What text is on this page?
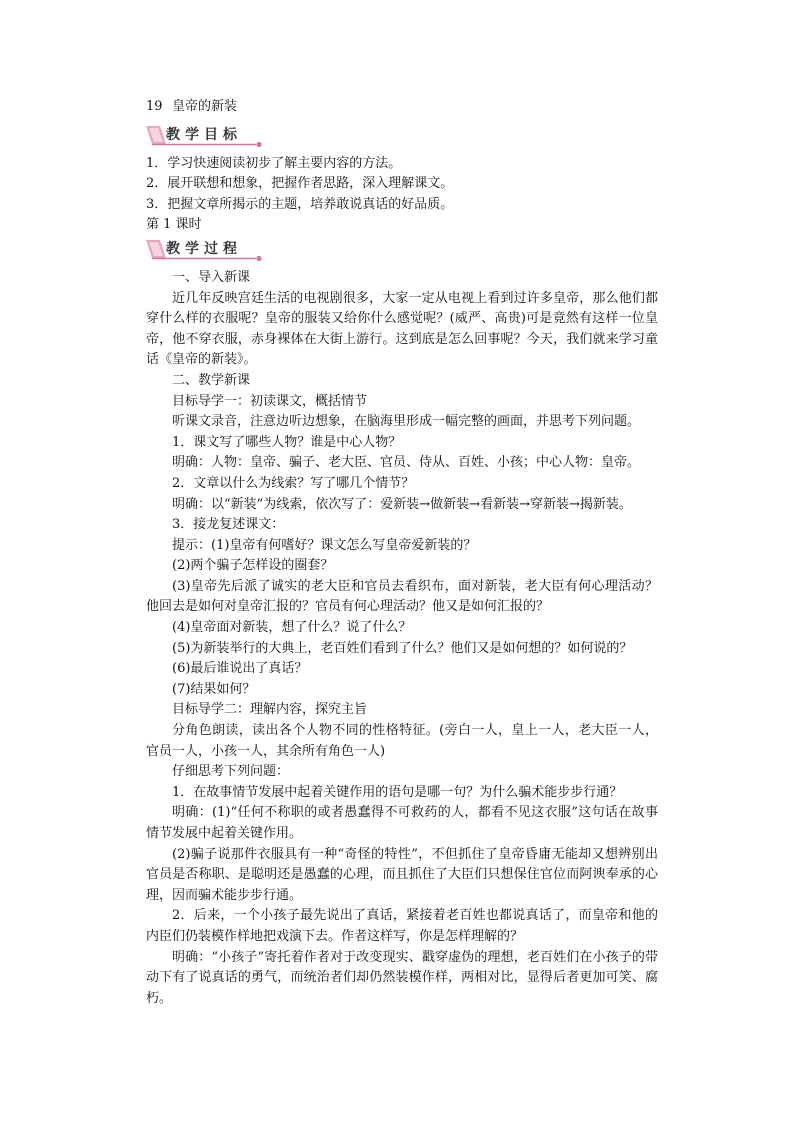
19 皇帝的新装

教学目标

1．学习快速阅读初步了解主要内容的方法。

2．展开联想和想象，把握作者思路，深入理解课文。

3．把握文章所揭示的主题，培养敢说真话的好品质。

第 1 课时

教学过程

一、导入新课

近几年反映宫廷生活的电视剧很多，大家一定从电视上看到过许多皇帝，那么他们都穿什么样的衣服呢？皇帝的服装又给你什么感觉呢？(威严、高贵)可是竟然有这样一位皇帝，他不穿衣服，赤身裸体在大街上游行。这到底是怎么回事呢？今天，我们就来学习童话《皇帝的新装》。

二、教学新课

目标导学一：初读课文，概括情节

听课文录音，注意边听边想象，在脑海里形成一幅完整的画面，并思考下列问题。

1．课文写了哪些人物？谁是中心人物？

明确：人物：皇帝、骗子、老大臣、官员、侍从、百姓、小孩；中心人物：皇帝。

2．文章以什么为线索？写了哪几个情节？

明确：以“新装”为线索，依次写了：爱新装→做新装→看新装→穿新装→揭新装。

3．接龙复述课文：

提示：(1)皇帝有何嗜好？课文怎么写皇帝爱新装的？

(2)两个骗子怎样设的圈套？

(3)皇帝先后派了诚实的老大臣和官员去看织布，面对新装，老大臣有何心理活动？他回去是如何对皇帝汇报的？官员有何心理活动？他又是如何汇报的？

(4)皇帝面对新装，想了什么？说了什么？

(5)为新装举行的大典上，老百姓们看到了什么？他们又是如何想的？如何说的？

(6)最后谁说出了真话？

(7)结果如何？

目标导学二：理解内容，探究主旨

分角色朗读，读出各个人物不同的性格特征。(旁白一人，皇上一人，老大臣一人，官员一人，小孩一人，其余所有角色一人)

仔细思考下列问题：

1．在故事情节发展中起着关键作用的语句是哪一句？为什么骗术能步步行通？

明确：(1)“任何不称职的或者愚蠢得不可救药的人，都看不见这衣服”这句话在故事情节发展中起着关键作用。

(2)骗子说那件衣服具有一种“奇怪的特性”，不但抓住了皇帝昏庸无能却又想辨别出官员是否称职、是聪明还是愚蠢的心理，而且抓住了大臣们只想保住官位而阿谀奉承的心理，因而骗术能步步行通。

2．后来，一个小孩子最先说出了真话，紧接着老百姓也都说真话了，而皇帝和他的内臣们仍装模作样地把戏演下去。作者这样写，你是怎样理解的？

明确：“小孩子”寄托着作者对于改变现实、戳穿虚伪的理想，老百姓们在小孩子的带动下有了说真话的勇气，而统治者们却仍然装模作样，两相对比，显得后者更加可笑、腐朽。
